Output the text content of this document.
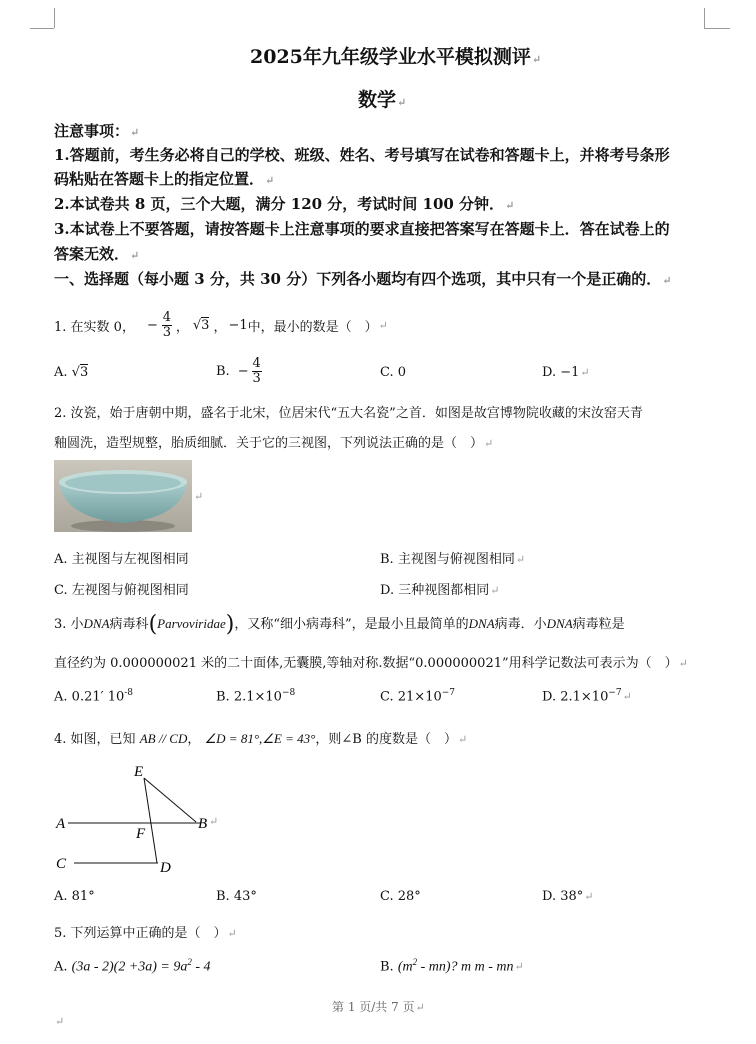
2025年九年级学业水平模拟测评↵
数学↵
注意事项：↵
1.答题前，考生务必将自己的学校、班级、姓名、考号填写在试卷和答题卡上，并将考号条形
码粘贴在答题卡上的指定位置．↵
2.本试卷共 8 页，三个大题，满分 120 分，考试时间 100 分钟．↵
3.本试卷上不要答题，请按答题卡上注意事项的要求直接把答案写在答题卡上．答在试卷上的
答案无效．↵
一、选择题（每小题 3 分，共 30 分）下列各小题均有四个选项，其中只有一个是正确的．↵
1. 在实数 0， − $\frac{4}{3}$ ， √ 3 ， −1 中，最小的数是（　） ↵
A. √3	B. − $\frac{4}{3}$	C. 0	D. −1↵
2. 汝瓷，始于唐朝中期，盛名于北宋，位居宋代“五大名瓷”之首．如图是故宫博物院收藏的宋汝窑天青
釉圆洗，造型规整，胎质细腻．关于它的三视图，下列说法正确的是（　）↵
↵
A. 主视图与左视图相同	B. 主视图与俯视图相同↵
C. 左视图与俯视图相同	D. 三种视图都相同↵
3. 小DNA病毒科(Parvoviridae)，又称“细小病毒科”，是最小且最简单的DNA病毒．小DNA病毒粒是
直径约为 0.000000021 米的二十面体,无囊膜,等轴对称.数据“0.000000021”用科学记数法可表示为（　）↵
A. 0.21′ $10^{-8}$	B. $2.1\times 10^{-8}$	C. $21\times 10^{-7}$	D. $2.1\times 10^{-7}↵$
4. 如图，已知 AB // CD， ∠D = 81°,∠E = 43°，则∠B 的度数是（　）↵
E
A	B
F
C	D
↵
A. 81°	B. 43°	C. 28°	D. 38°↵
5. 下列运算中正确的是（　）↵
A. $(3a - 2)(2 +3a) = 9a^2 - 4$	B. $(m^2 - mn)$? m m - mn↵
第 1 页/共 7 页↵
↵
